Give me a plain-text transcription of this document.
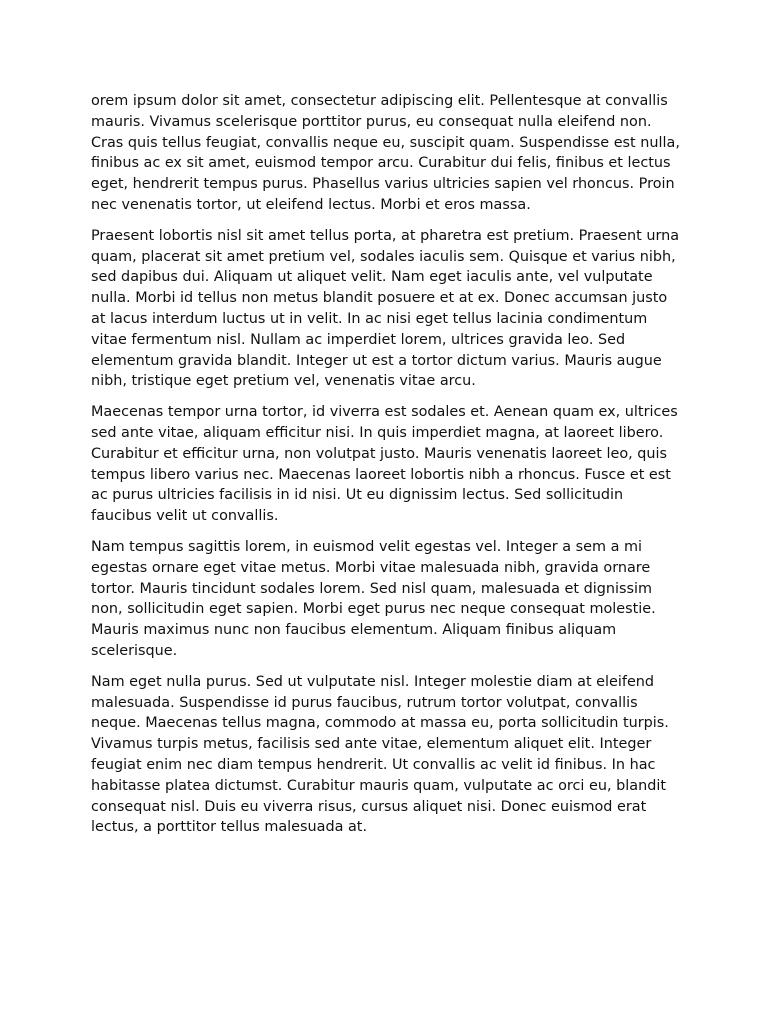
orem ipsum dolor sit amet, consectetur adipiscing elit. Pellentesque at convallis mauris. Vivamus scelerisque porttitor purus, eu consequat nulla eleifend non. Cras quis tellus feugiat, convallis neque eu, suscipit quam. Suspendisse est nulla, finibus ac ex sit amet, euismod tempor arcu. Curabitur dui felis, finibus et lectus eget, hendrerit tempus purus. Phasellus varius ultricies sapien vel rhoncus. Proin nec venenatis tortor, ut eleifend lectus. Morbi et eros massa.

Praesent lobortis nisl sit amet tellus porta, at pharetra est pretium. Praesent urna quam, placerat sit amet pretium vel, sodales iaculis sem. Quisque et varius nibh, sed dapibus dui. Aliquam ut aliquet velit. Nam eget iaculis ante, vel vulputate nulla. Morbi id tellus non metus blandit posuere et at ex. Donec accumsan justo at lacus interdum luctus ut in velit. In ac nisi eget tellus lacinia condimentum vitae fermentum nisl. Nullam ac imperdiet lorem, ultrices gravida leo. Sed elementum gravida blandit. Integer ut est a tortor dictum varius. Mauris augue nibh, tristique eget pretium vel, venenatis vitae arcu.

Maecenas tempor urna tortor, id viverra est sodales et. Aenean quam ex, ultrices sed ante vitae, aliquam efficitur nisi. In quis imperdiet magna, at laoreet libero. Curabitur et efficitur urna, non volutpat justo. Mauris venenatis laoreet leo, quis tempus libero varius nec. Maecenas laoreet lobortis nibh a rhoncus. Fusce et est ac purus ultricies facilisis in id nisi. Ut eu dignissim lectus. Sed sollicitudin faucibus velit ut convallis.

Nam tempus sagittis lorem, in euismod velit egestas vel. Integer a sem a mi egestas ornare eget vitae metus. Morbi vitae malesuada nibh, gravida ornare tortor. Mauris tincidunt sodales lorem. Sed nisl quam, malesuada et dignissim non, sollicitudin eget sapien. Morbi eget purus nec neque consequat molestie. Mauris maximus nunc non faucibus elementum. Aliquam finibus aliquam scelerisque.

Nam eget nulla purus. Sed ut vulputate nisl. Integer molestie diam at eleifend malesuada. Suspendisse id purus faucibus, rutrum tortor volutpat, convallis neque. Maecenas tellus magna, commodo at massa eu, porta sollicitudin turpis. Vivamus turpis metus, facilisis sed ante vitae, elementum aliquet elit. Integer feugiat enim nec diam tempus hendrerit. Ut convallis ac velit id finibus. In hac habitasse platea dictumst. Curabitur mauris quam, vulputate ac orci eu, blandit consequat nisl. Duis eu viverra risus, cursus aliquet nisi. Donec euismod erat lectus, a porttitor tellus malesuada at.
